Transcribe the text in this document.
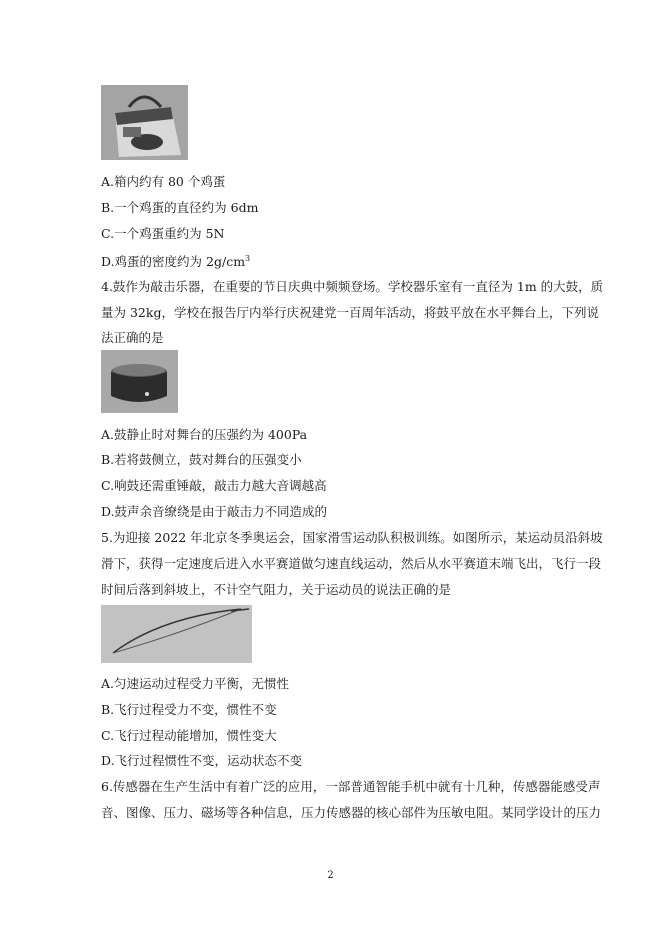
A.箱内约有 80 个鸡蛋
B.一个鸡蛋的直径约为 6dm
C.一个鸡蛋重约为 5N
D.鸡蛋的密度约为 $2g/cm^3$
4.鼓作为敲击乐器，在重要的节日庆典中频频登场。学校器乐室有一直径为 1m 的大鼓，质
量为 32kg，学校在报告厅内举行庆祝建党一百周年活动，将鼓平放在水平舞台上，下列说
法正确的是
A.鼓静止时对舞台的压强约为 400Pa
B.若将鼓侧立，鼓对舞台的压强变小
C.响鼓还需重锤敲，敲击力越大音调越高
D.鼓声余音缭绕是由于敲击力不同造成的
5.为迎接 2022 年北京冬季奥运会，国家滑雪运动队积极训练。如图所示，某运动员沿斜坡
滑下，获得一定速度后进入水平赛道做匀速直线运动，然后从水平赛道末端飞出，飞行一段
时间后落到斜坡上，不计空气阻力，关于运动员的说法正确的是
A.匀速运动过程受力平衡，无惯性
B.飞行过程受力不变，惯性不变
C.飞行过程动能增加，惯性变大
D.飞行过程惯性不变，运动状态不变
6.传感器在生产生活中有着广泛的应用，一部普通智能手机中就有十几种，传感器能感受声
音、图像、压力、磁场等各种信息，压力传感器的核心部件为压敏电阻。某同学设计的压力
2
